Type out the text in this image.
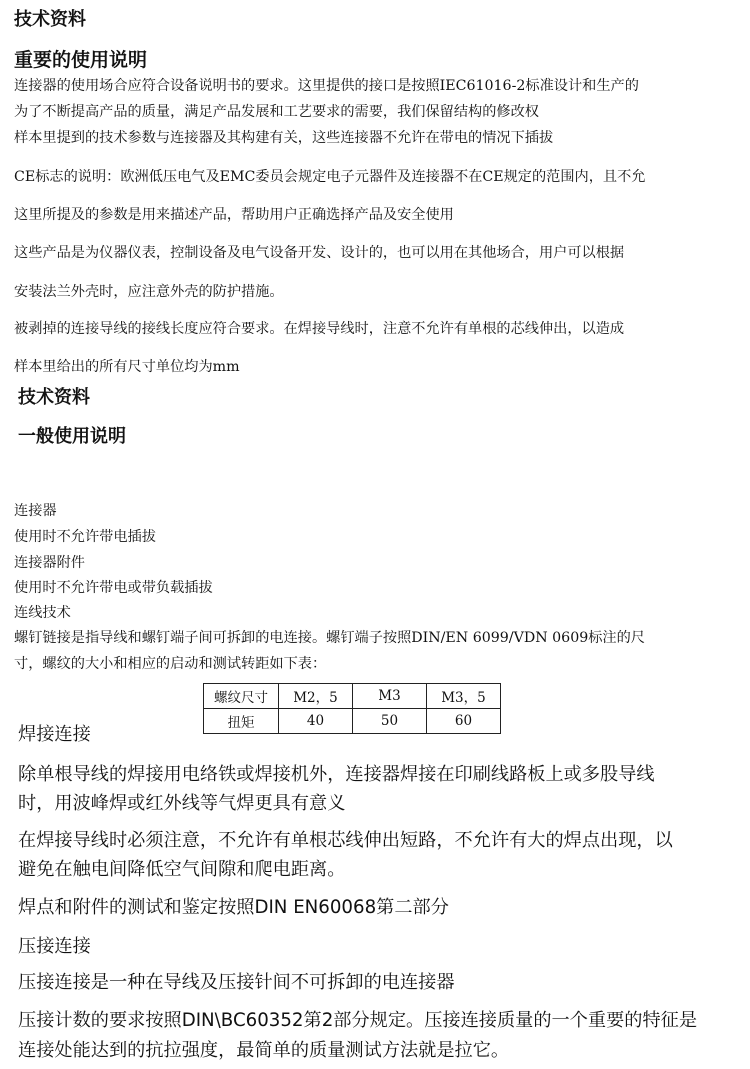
技术资料
重要的使用说明
连接器的使用场合应符合设备说明书的要求。这里提供的接口是按照IEC61016-2标准设计和生产的
为了不断提高产品的质量，满足产品发展和工艺要求的需要，我们保留结构的修改权
样本里提到的技术参数与连接器及其构建有关，这些连接器不允许在带电的情况下插拔
CE标志的说明：欧洲低压电气及EMC委员会规定电子元器件及连接器不在CE规定的范围内，且不允
这里所提及的参数是用来描述产品，帮助用户正确选择产品及安全使用
这些产品是为仪器仪表，控制设备及电气设备开发、设计的，也可以用在其他场合，用户可以根据
安装法兰外壳时，应注意外壳的防护措施。
被剥掉的连接导线的接线长度应符合要求。在焊接导线时，注意不允许有单根的芯线伸出，以造成
样本里给出的所有尺寸单位均为mm
技术资料
一般使用说明
连接器
使用时不允许带电插拔
连接器附件
使用时不允许带电或带负载插拔
连线技术
螺钉链接是指导线和螺钉端子间可拆卸的电连接。螺钉端子按照DIN/EN 6099/VDN 0609标注的尺
寸，螺纹的大小和相应的启动和测试转距如下表：
螺纹尺寸	M2，5	M3	M3，5
扭矩	40	50	60
焊接连接
除单根导线的焊接用电络铁或焊接机外，连接器焊接在印刷线路板上或多股导线
时，用波峰焊或红外线等气焊更具有意义
在焊接导线时必须注意，不允许有单根芯线伸出短路，不允许有大的焊点出现，以
避免在触电间降低空气间隙和爬电距离。
焊点和附件的测试和鉴定按照DIN EN60068第二部分
压接连接
压接连接是一种在导线及压接针间不可拆卸的电连接器
压接计数的要求按照DIN\BC60352第2部分规定。压接连接质量的一个重要的特征是
连接处能达到的抗拉强度，最简单的质量测试方法就是拉它。
